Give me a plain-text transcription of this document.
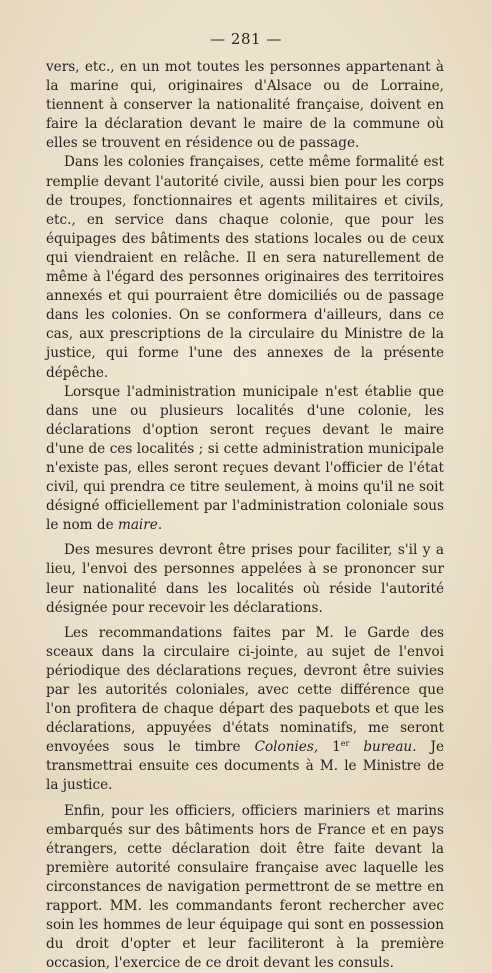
— 281 —

vers, etc., en un mot toutes les personnes appartenant à la marine qui, originaires d'Alsace ou de Lorraine, tiennent à conserver la nationalité française, doivent en faire la déclaration devant le maire de la commune où elles se trouvent en résidence ou de passage.

Dans les colonies françaises, cette même formalité est remplie devant l'autorité civile, aussi bien pour les corps de troupes, fonctionnaires et agents militaires et civils, etc., en service dans chaque colonie, que pour les équipages des bâtiments des stations locales ou de ceux qui viendraient en relâche. Il en sera naturellement de même à l'égard des personnes originaires des territoires annexés et qui pourraient être domiciliés ou de passage dans les colonies. On se conformera d'ailleurs, dans ce cas, aux prescriptions de la circulaire du Ministre de la justice, qui forme l'une des annexes de la présente dépêche.

Lorsque l'administration municipale n'est établie que dans une ou plusieurs localités d'une colonie, les déclarations d'option seront reçues devant le maire d'une de ces localités ; si cette administration municipale n'existe pas, elles seront reçues devant l'officier de l'état civil, qui prendra ce titre seulement, à moins qu'il ne soit désigné officiellement par l'administration coloniale sous le nom de maire.

Des mesures devront être prises pour faciliter, s'il y a lieu, l'envoi des personnes appelées à se prononcer sur leur nationalité dans les localités où réside l'autorité désignée pour recevoir les déclarations.

Les recommandations faites par M. le Garde des sceaux dans la circulaire ci-jointe, au sujet de l'envoi périodique des déclarations reçues, devront être suivies par les autorités coloniales, avec cette différence que l'on profitera de chaque départ des paquebots et que les déclarations, appuyées d'états nominatifs, me seront envoyées sous le timbre Colonies, 1er bureau. Je transmettrai ensuite ces documents à M. le Ministre de la justice.

Enfin, pour les officiers, officiers mariniers et marins embarqués sur des bâtiments hors de France et en pays étrangers, cette déclaration doit être faite devant la première autorité consulaire française avec laquelle les circonstances de navigation permettront de se mettre en rapport. MM. les commandants feront rechercher avec soin les hommes de leur équipage qui sont en possession du droit d'opter et leur faciliteront à la première occasion, l'exercice de ce droit devant les consuls.
